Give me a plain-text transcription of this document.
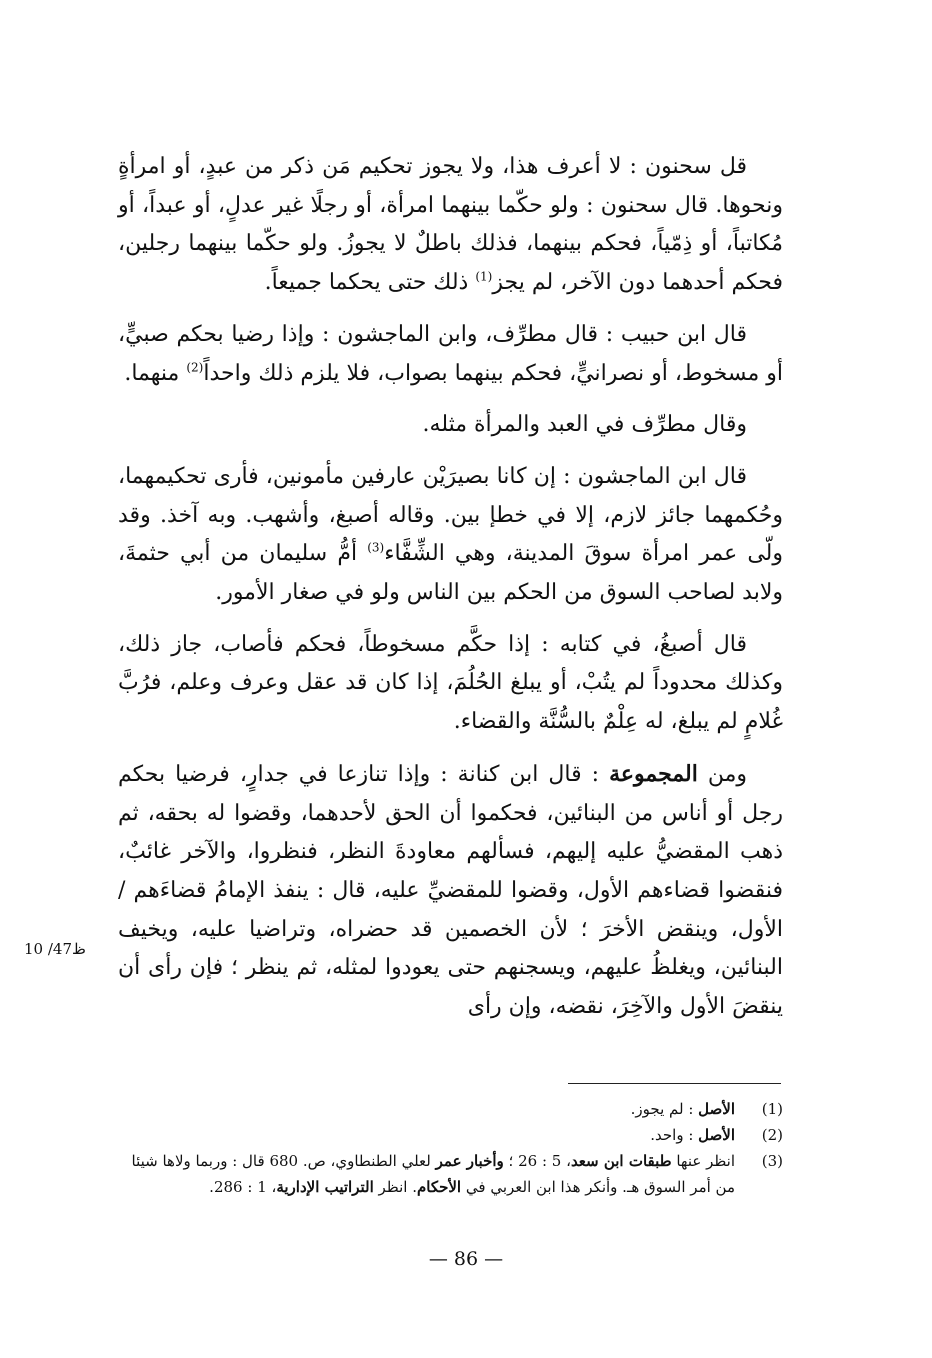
قل سحنون : لا أعرف هذا، ولا يجوز تحكيم مَن ذكر من عبدٍ، أو امرأةٍ ونحوها. قال سحنون : ولو حكّما بينهما امرأة، أو رجلًا غير عدلٍ، أو عبداً، أو مُكاتباً، أو ذِمّياً، فحكم بينهما، فذلك باطلٌ لا يجوزُ. ولو حكّما بينهما رجلين، فحكم أحدهما دون الآخر، لم يجز$^{(1)}$ ذلك حتى يحكما جميعاً.

قال ابن حبيب : قال مطرِّف، وابن الماجشون : وإذا رضيا بحكم صبيٍّ، أو مسخوط، أو نصرانيٍّ، فحكم بينهما بصواب، فلا يلزم ذلك واحداً$^{(2)}$ منهما.

وقال مطرِّف في العبد والمرأة مثله.

قال ابن الماجشون : إن كانا بصيرَيْن عارفين مأمونين، فأرى تحكيمهما، وحُكمهما جائز لازم، إلا في خطإ بين. وقاله أصبغ، وأشهب. وبه آخذ. وقد ولّى عمر امرأة سوقَ المدينة، وهي الشِّفَّاء$^{(3)}$ أمُّ سليمان من أبي حثمةَ، ولابد لصاحب السوق من الحكم بين الناس ولو في صغار الأمور.

قال أصبغُ، في كتابه : إذا حكَّم مسخوطاً، فحكم فأصاب، جاز ذلك، وكذلك محدوداً لم يتُبْ، أو يبلغ الحُلُمَ، إذا كان قد عقل وعرف وعلم، فرُبَّ غُلامٍ لم يبلغ، له عِلْمٌ بالسُّنَّة والقضاء.

ومن المجموعة : قال ابن كنانة : وإذا تنازعا في جدارٍ، فرضيا بحكم رجل أو أناس من البنائين، فحكموا أن الحق لأحدهما، وقضوا له بحقه، ثم ذهب المقضيُّ عليه إليهم، فسألهم معاودةَ النظر، فنظروا، والآخر غائبٌ، فنقضوا قضاءهم الأول، وقضوا للمقضيِّ عليه، قال : ينفذ الإمامُ قضاءَهم / الأول، وينقض الأخرَ ؛ لأن الخصمين قد حضراه، وتراضيا عليه، ويخيف البنائين، ويغلظُ عليهم، ويسجنهم حتى يعودوا لمثله، ثم ينظر ؛ فإن رأى أن ينقضَ الأول والآخِرَ، نقضه، وإن رأى

10 /47ظ
(1)
الأصل : لم يجوز.
(2)
الأصل : واحد.
(3)
انظر عنها طبقات ابن سعد، 5 : 26 ؛ وأخبار عمر لعلي الطنطاوي، ص. 680 قال : وربما ولاها شيئا من أمر السوق هـ. وأنكر هذا ابن العربي في الأحكام. انظر التراتيب الإدارية، 1 : 286.
— 86 —
